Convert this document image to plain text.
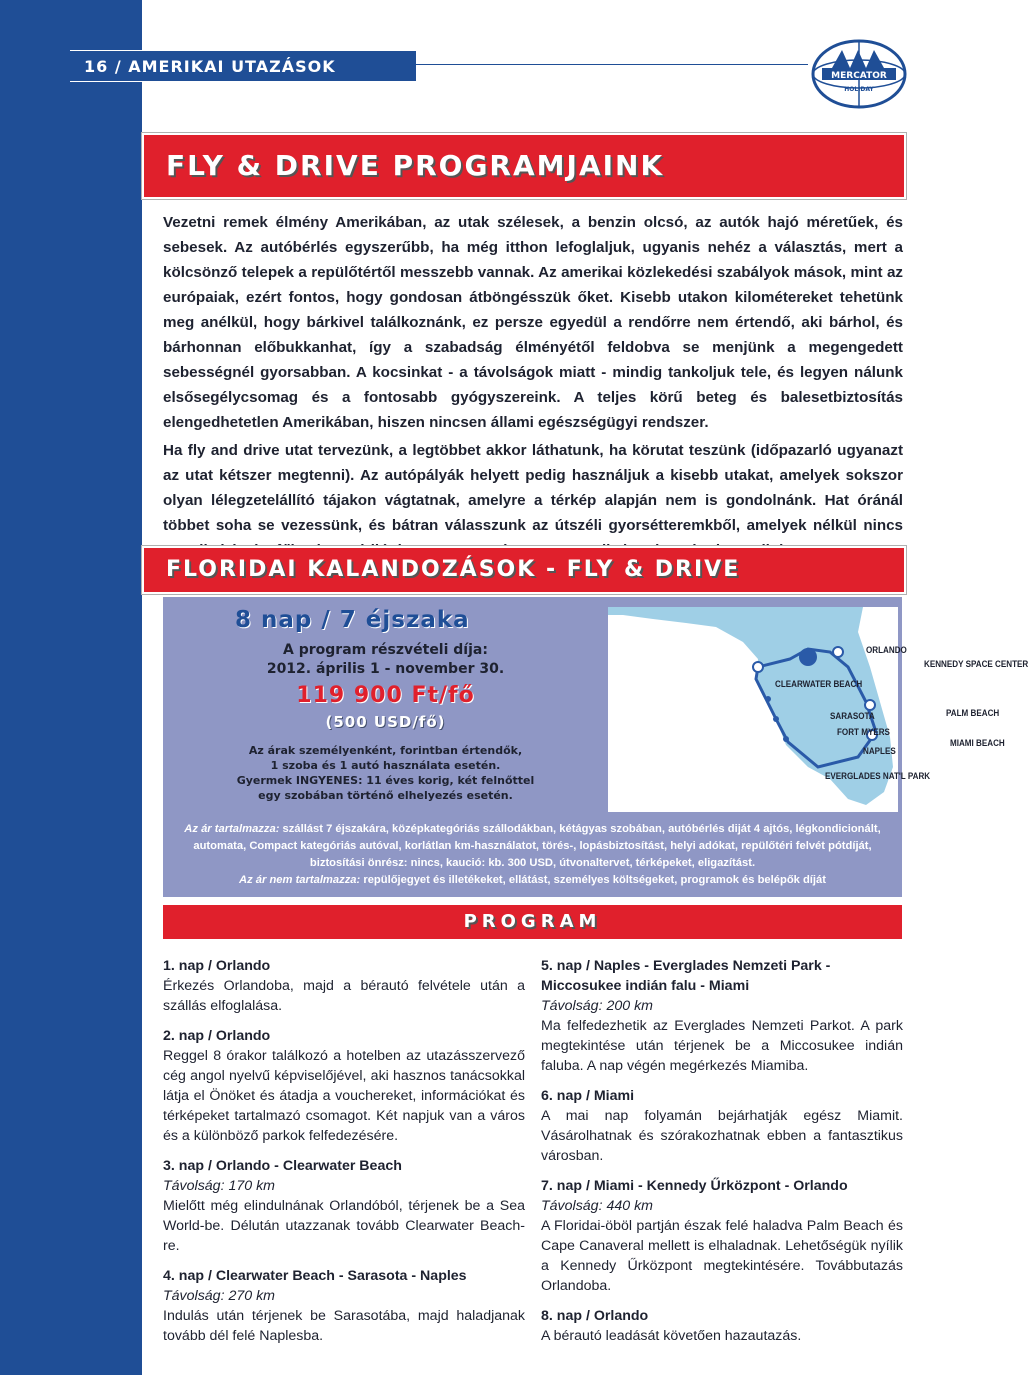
16 / AMERIKAI UTAZÁSOK	MERCATOR
HOLIDAY
FLY & DRIVE PROGRAMJAINK

Vezetni remek élmény Amerikában, az utak szélesek, a benzin olcsó, az autók hajó méretűek, és sebesek. Az autóbérlés egyszerűbb, ha még itthon lefoglaljuk, ugyanis nehéz a választás, mert a kölcsönző telepek a repülőtértől messzebb vannak. Az amerikai közlekedési szabályok mások, mint az európaiak, ezért fontos, hogy gondosan átböngésszük őket. Kisebb utakon kilométereket tehetünk meg anélkül, hogy bárkivel találkoznánk, ez persze egyedül a rendőrre nem értendő, aki bárhol, és bárhonnan előbukkanhat, így a szabadság élményétől feldobva se menjünk a megengedett sebességnél gyorsabban. A kocsinkat - a távolságok miatt - mindig tankoljuk tele, és legyen nálunk elsősegélycsomag és a fontosabb gyógyszereink. A teljes körű beteg és balesetbiztosítás elengedhetetlen Amerikában, hiszen nincsen állami egészségügyi rendszer.

Ha fly and drive utat tervezünk, a legtöbbet akkor láthatunk, ha körutat teszünk (időpazarló ugyanazt az utat kétszer megtenni). Az autópályák helyett pedig használjuk a kisebb utakat, amelyek sokszor olyan lélegzetelállító tájakon vágtatnak, amelyre a térkép alapján nem is gondolnánk. Hat óránál többet soha se vezessünk, és bátran válasszunk az útszéli gyorsétteremkből, amelyek nélkül nincs

FLORIDAI KALANDOZÁSOK - FLY & DRIVE
8 nap / 7 éjszaka
A program részvételi díja:
2012. április 1 - november 30.
119 900 Ft/fő
(500 USD/fő)
Az árak személyenként, forintban értendők,
1 szoba és 1 autó használata esetén.
Gyermek INGYENES: 11 éves korig, két felnőttel
egy szobában történő elhelyezés esetén.
ORLANDO
KENNEDY SPACE CENTER
CLEARWATER BEACH
SARASOTA
FORT MYERS
NAPLES
PALM BEACH
MIAMI BEACH
EVERGLADES NAT'L PARK
Az ár tartalmazza: szállást 7 éjszakára, középkategóriás szállodákban, kétágyas szobában, autóbérlés diját 4 ajtós, légkondicionált, automata, Compact kategóriás autóval, korlátlan km-használatot, törés-, lopásbiztosítást, helyi adókat, repülőtéri felvét pótdíját, biztosítási önrész: nincs, kaució: kb. 300 USD, útvonaltervet, térképeket, eligazítást.
Az ár nem tartalmazza: repülőjegyet és illetékeket, ellátást, személyes költségeket, programok és belépők díját
PROGRAM

1. nap / Orlando

Érkezés Orlandoba, majd a bérautó felvétele után a szállás elfoglalása.

2. nap / Orlando

Reggel 8 órakor találkozó a hotelben az utazásszervező cég angol nyelvű képviselőjével, aki hasznos tanácsokkal látja el Önöket és átadja a vouchereket, információkat és térképeket tartalmazó csomagot. Két napjuk van a város és a különböző parkok felfedezésére.

3. nap / Orlando - Clearwater Beach

Távolság: 170 km

Mielőtt még elindulnának Orlandóból, térjenek be a Sea World-be. Délután utazzanak tovább Clearwater Beach-re.

4. nap / Clearwater Beach - Sarasota - Naples

Távolság: 270 km

Indulás után térjenek be Sarasotába, majd haladjanak tovább dél felé Naplesba.

5. nap / Naples - Everglades Nemzeti Park - Miccosukee indián falu - Miami

Távolság: 200 km

Ma felfedezhetik az Everglades Nemzeti Parkot. A park megtekintése után térjenek be a Miccosukee indián faluba. A nap végén megérkezés Miamiba.

6. nap / Miami

A mai nap folyamán bejárhatják egész Miamit. Vásárolhatnak és szórakozhatnak ebben a fantasztikus városban.

7. nap / Miami - Kennedy Űrközpont - Orlando

Távolság: 440 km

A Floridai-öböl partján észak felé haladva Palm Beach és Cape Canaveral mellett is elhaladnak. Lehetőségük nyílik a Kennedy Űrközpont megtekintésére. Továbbutazás Orlandoba.

8. nap / Orlando

A bérautó leadását követően hazautazás.
